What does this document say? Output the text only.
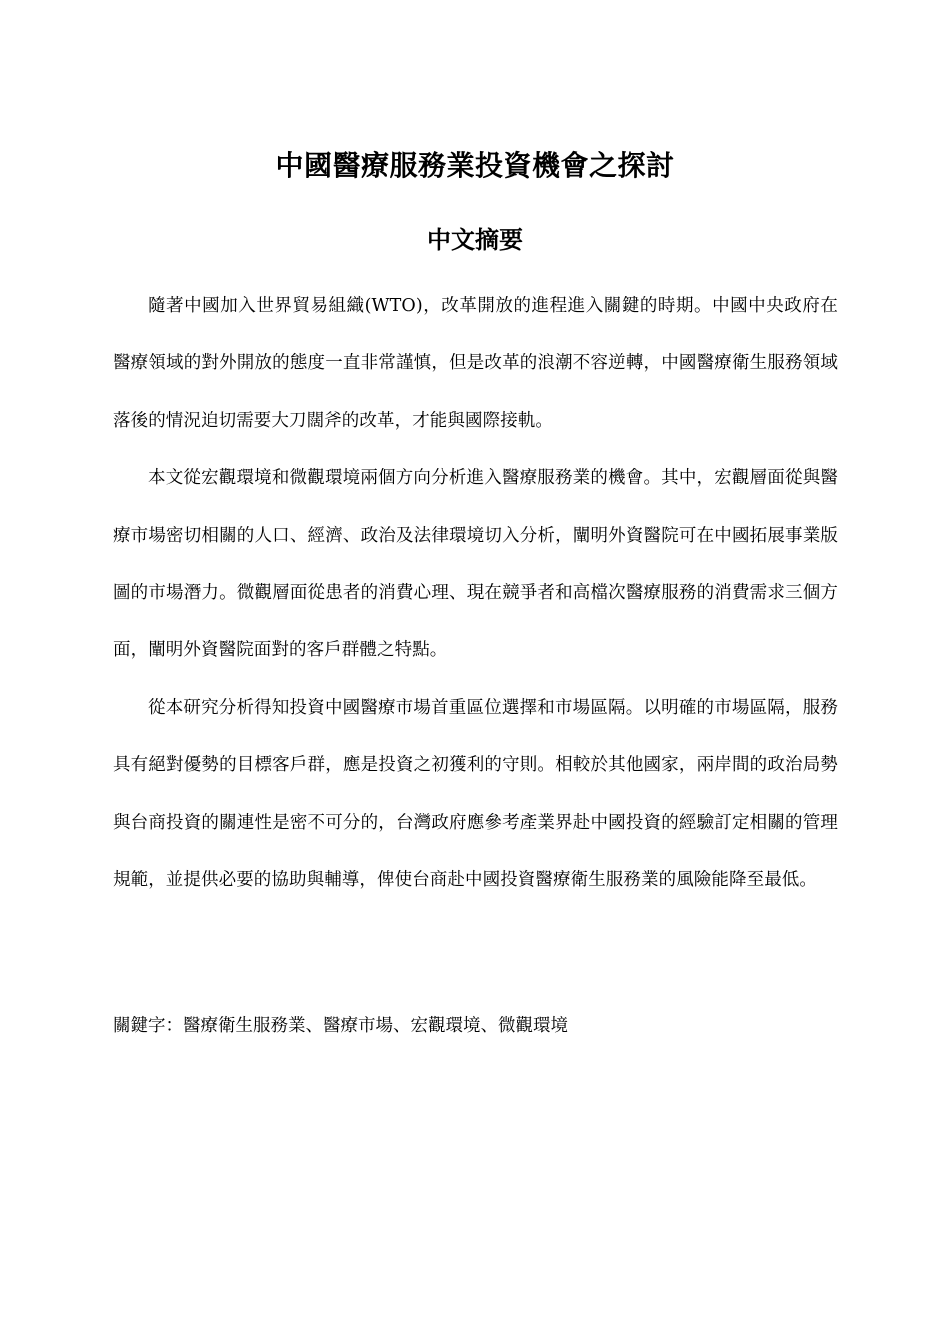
中國醫療服務業投資機會之探討
中文摘要

隨著中國加入世界貿易組織(WTO)，改革開放的進程進入關鍵的時期。中國中央政府在醫療領域的對外開放的態度一直非常謹慎，但是改革的浪潮不容逆轉，中國醫療衛生服務領域落後的情況迫切需要大刀闊斧的改革，才能與國際接軌。

本文從宏觀環境和微觀環境兩個方向分析進入醫療服務業的機會。其中，宏觀層面從與醫療市場密切相關的人口、經濟、政治及法律環境切入分析，闡明外資醫院可在中國拓展事業版圖的市場潛力。微觀層面從患者的消費心理、現在競爭者和高檔次醫療服務的消費需求三個方面，闡明外資醫院面對的客戶群體之特點。

從本研究分析得知投資中國醫療市場首重區位選擇和市場區隔。以明確的市場區隔，服務具有絕對優勢的目標客戶群，應是投資之初獲利的守則。相較於其他國家，兩岸間的政治局勢與台商投資的關連性是密不可分的，台灣政府應參考產業界赴中國投資的經驗訂定相關的管理規範，並提供必要的協助與輔導，俾使台商赴中國投資醫療衛生服務業的風險能降至最低。

關鍵字：醫療衛生服務業、醫療市場、宏觀環境、微觀環境
